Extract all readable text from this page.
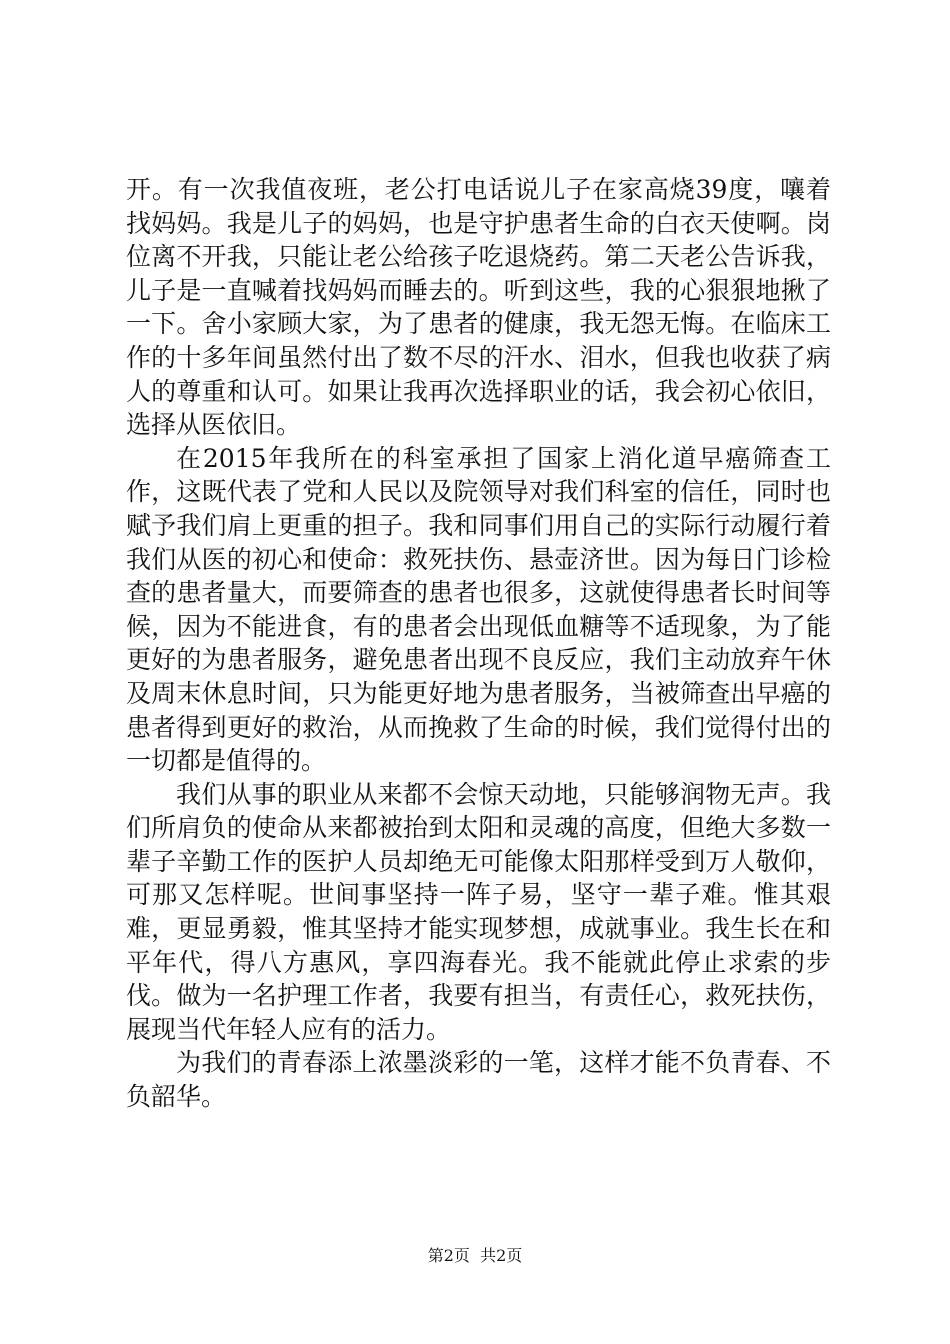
开。有一次我值夜班，老公打电话说儿子在家高烧39度，嚷着找妈妈。我是儿子的妈妈，也是守护患者生命的白衣天使啊。岗位离不开我，只能让老公给孩子吃退烧药。第二天老公告诉我，儿子是一直喊着找妈妈而睡去的。听到这些，我的心狠狠地揪了一下。舍小家顾大家，为了患者的健康，我无怨无悔。在临床工作的十多年间虽然付出了数不尽的汗水、泪水，但我也收获了病人的尊重和认可。如果让我再次选择职业的话，我会初心依旧，选择从医依旧。

在2015年我所在的科室承担了国家上消化道早癌筛查工作，这既代表了党和人民以及院领导对我们科室的信任，同时也赋予我们肩上更重的担子。我和同事们用自己的实际行动履行着我们从医的初心和使命：救死扶伤、悬壶济世。因为每日门诊检查的患者量大，而要筛查的患者也很多，这就使得患者长时间等候，因为不能进食，有的患者会出现低血糖等不适现象，为了能更好的为患者服务，避免患者出现不良反应，我们主动放弃午休及周末休息时间，只为能更好地为患者服务，当被筛查出早癌的患者得到更好的救治，从而挽救了生命的时候，我们觉得付出的一切都是值得的。

我们从事的职业从来都不会惊天动地，只能够润物无声。我们所肩负的使命从来都被抬到太阳和灵魂的高度，但绝大多数一辈子辛勤工作的医护人员却绝无可能像太阳那样受到万人敬仰，可那又怎样呢。世间事坚持一阵子易，坚守一辈子难。惟其艰难，更显勇毅，惟其坚持才能实现梦想，成就事业。我生长在和平年代，得八方惠风，享四海春光。我不能就此停止求索的步伐。做为一名护理工作者，我要有担当，有责任心，救死扶伤，展现当代年轻人应有的活力。

为我们的青春添上浓墨淡彩的一笔，这样才能不负青春、不负韶华。

第2页  共2页
